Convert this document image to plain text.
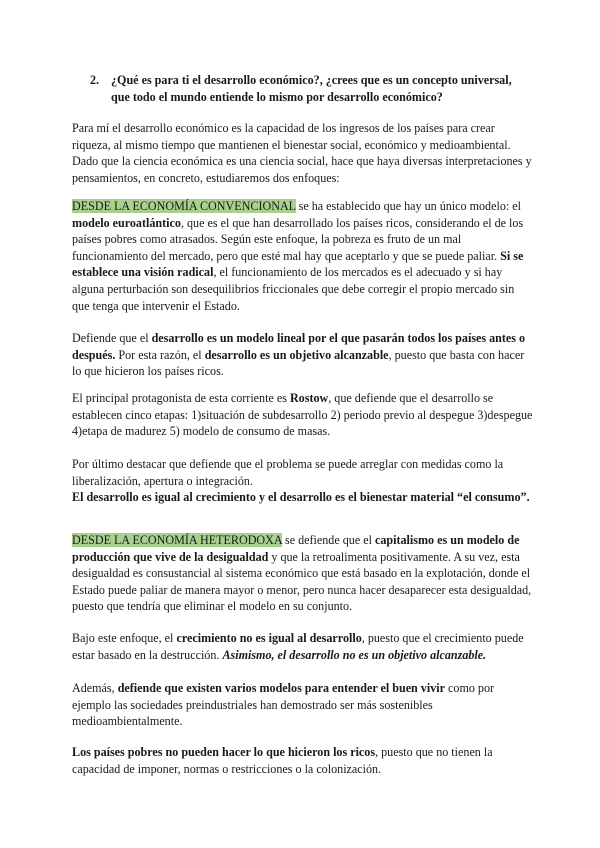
2. ¿Qué es para ti el desarrollo económico?, ¿crees que es un concepto universal, que todo el mundo entiende lo mismo por desarrollo económico?

Para mí el desarrollo económico es la capacidad de los ingresos de los países para crear riqueza, al mismo tiempo que mantienen el bienestar social, económico y medioambiental. Dado que la ciencia económica es una ciencia social, hace que haya diversas interpretaciones y pensamientos, en concreto, estudiaremos dos enfoques:

DESDE LA ECONOMÍA CONVENCIONAL se ha establecido que hay un único modelo: el modelo euroatlántico, que es el que han desarrollado los países ricos, considerando el de los países pobres como atrasados. Según este enfoque, la pobreza es fruto de un mal funcionamiento del mercado, pero que esté mal hay que aceptarlo y que se puede paliar. Si se establece una visión radical, el funcionamiento de los mercados es el adecuado y si hay alguna perturbación son desequilibrios friccionales que debe corregir el propio mercado sin que tenga que intervenir el Estado.

Defiende que el desarrollo es un modelo lineal por el que pasarán todos los países antes o después. Por esta razón, el desarrollo es un objetivo alcanzable, puesto que basta con hacer lo que hicieron los países ricos.

El principal protagonista de esta corriente es Rostow, que defiende que el desarrollo se establecen cinco etapas: 1)situación de subdesarrollo 2) periodo previo al despegue 3)despegue 4)etapa de madurez 5) modelo de consumo de masas.

Por último destacar que defiende que el problema se puede arreglar con medidas como la liberalización, apertura o integración.
El desarrollo es igual al crecimiento y el desarrollo es el bienestar material “el consumo”.

DESDE LA ECONOMÍA HETERODOXA se defiende que el capitalismo es un modelo de producción que vive de la desigualdad y que la retroalimenta positivamente. A su vez, esta desigualdad es consustancial al sistema económico que está basado en la explotación, donde el Estado puede paliar de manera mayor o menor, pero nunca hacer desaparecer esta desigualdad, puesto que tendría que eliminar el modelo en su conjunto.

Bajo este enfoque, el crecimiento no es igual al desarrollo, puesto que el crecimiento puede estar basado en la destrucción. Asimismo, el desarrollo no es un objetivo alcanzable.

Además, defiende que existen varios modelos para entender el buen vivir como por ejemplo las sociedades preindustriales han demostrado ser más sostenibles medioambientalmente.

Los países pobres no pueden hacer lo que hicieron los ricos, puesto que no tienen la capacidad de imponer, normas o restricciones o la colonización.
